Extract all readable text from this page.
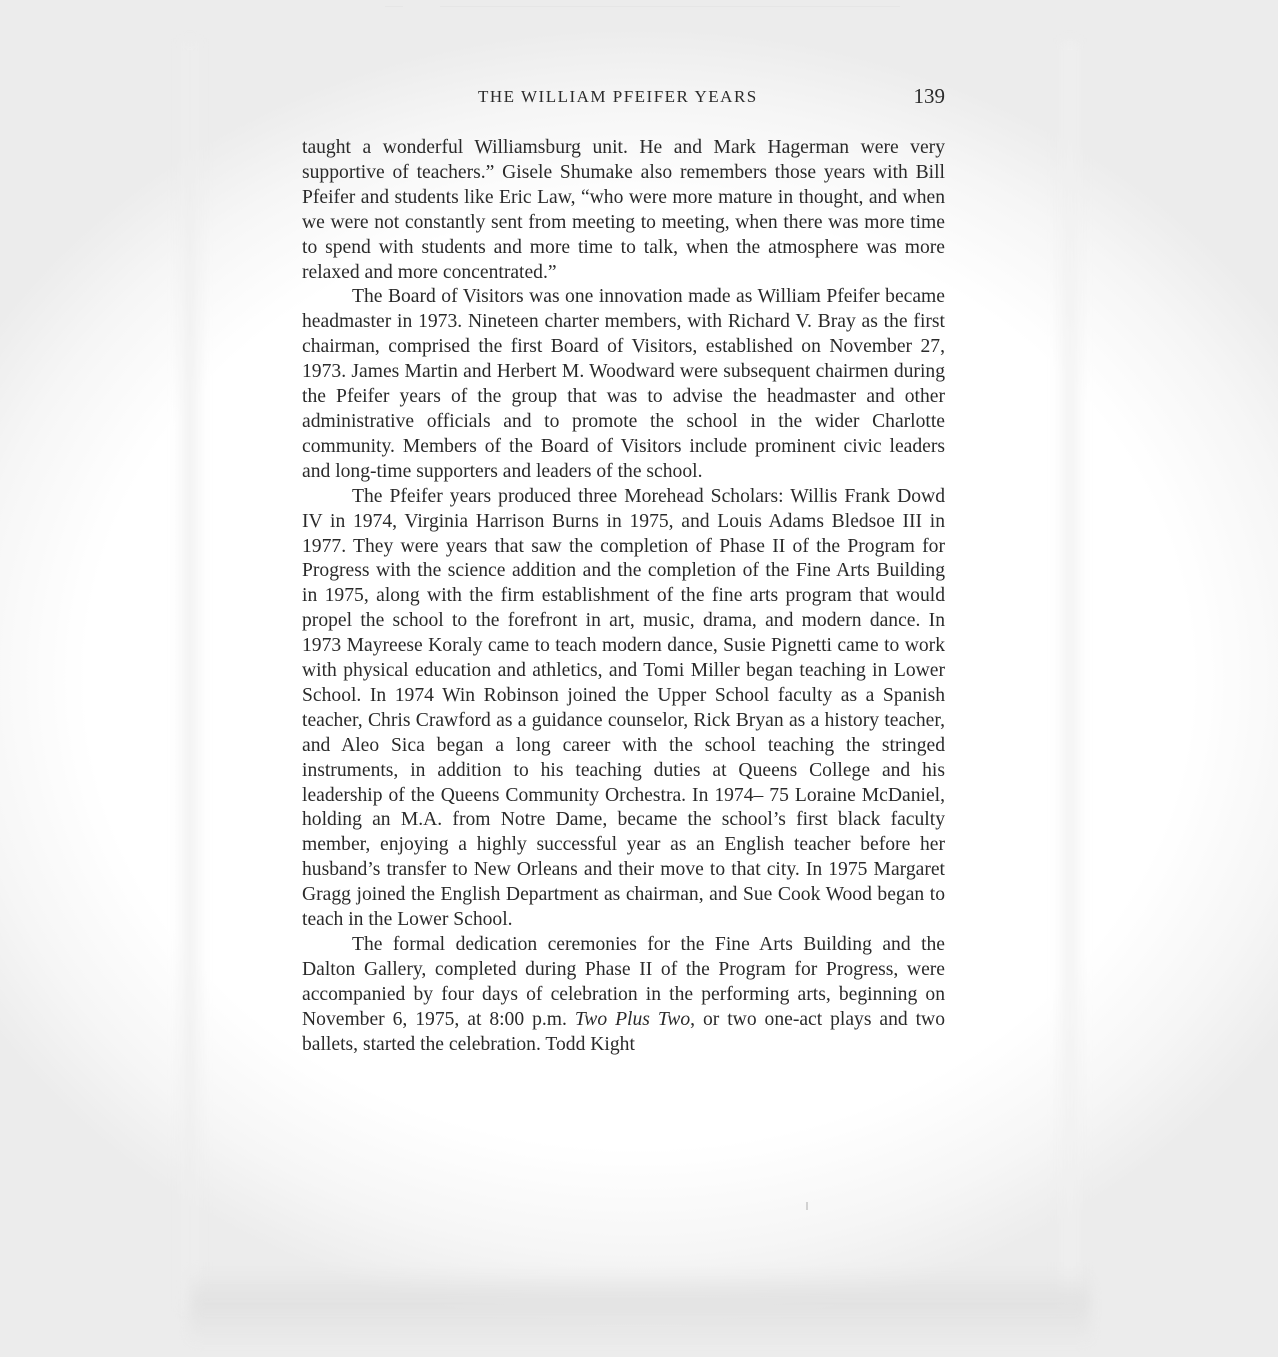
THE WILLIAM PFEIFER YEARS	139

taught a wonderful Williamsburg unit. He and Mark Hagerman were very supportive of teachers.” Gisele Shumake also remembers those years with Bill Pfeifer and students like Eric Law, “who were more mature in thought, and when we were not constantly sent from meeting to meeting, when there was more time to spend with students and more time to talk, when the atmosphere was more relaxed and more concentrated.”

The Board of Visitors was one innovation made as William Pfeifer became headmaster in 1973. Nineteen charter members, with Richard V. Bray as the first chairman, comprised the first Board of Visitors, established on November 27, 1973. James Martin and Herbert M. Woodward were subsequent chairmen during the Pfeifer years of the group that was to advise the headmaster and other administrative officials and to promote the school in the wider Charlotte community. Members of the Board of Visitors include prominent civic leaders and long-time supporters and leaders of the school.

The Pfeifer years produced three Morehead Scholars: Willis Frank Dowd IV in 1974, Virginia Harrison Burns in 1975, and Louis Adams Bledsoe III in 1977. They were years that saw the completion of Phase II of the Program for Progress with the science addition and the completion of the Fine Arts Building in 1975, along with the firm establishment of the fine arts program that would propel the school to the forefront in art, music, drama, and modern dance. In 1973 Mayreese Koraly came to teach modern dance, Susie Pignetti came to work with physical education and athletics, and Tomi Miller began teaching in Lower School. In 1974 Win Robinson joined the Upper School faculty as a Spanish teacher, Chris Crawford as a guidance counselor, Rick Bryan as a history teacher, and Aleo Sica began a long career with the school teaching the stringed instruments, in addition to his teaching duties at Queens College and his leadership of the Queens Community Orchestra. In 1974– 75 Loraine McDaniel, holding an M.A. from Notre Dame, became the school’s first black faculty member, enjoying a highly successful year as an English teacher before her husband’s transfer to New Orleans and their move to that city. In 1975 Margaret Gragg joined the English Department as chairman, and Sue Cook Wood began to teach in the Lower School.

The formal dedication ceremonies for the Fine Arts Building and the Dalton Gallery, completed during Phase II of the Program for Progress, were accompanied by four days of celebration in the performing arts, beginning on November 6, 1975, at 8:00 p.m. Two Plus Two, or two one-act plays and two ballets, started the celebration. Todd Kight
